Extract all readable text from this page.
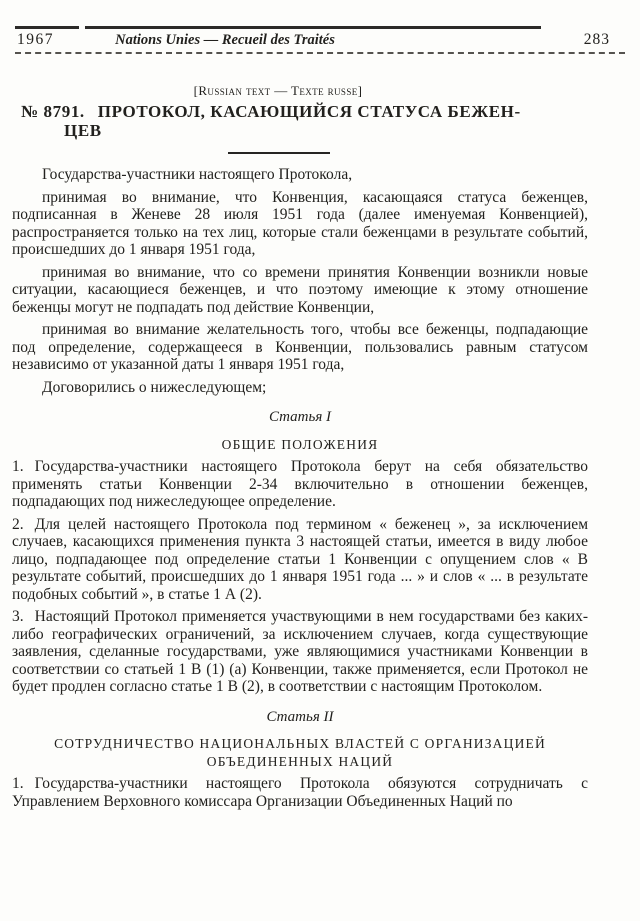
1967	Nations Unies — Recueil des Traités	283
[Russian text — Texte russe]
№ 8791. ПРОТОКОЛ, КАСАЮЩИЙСЯ СТАТУСА БЕЖЕН-
ЦЕВ

Государства-участники настоящего Протокола,

принимая во внимание, что Конвенция, касающаяся статуса беженцев, подписанная в Женеве 28 июля 1951 года (далее именуемая Конвенцией), распространяется только на тех лиц, которые стали беженцами в результате событий, происшедших до 1 января 1951 года,

принимая во внимание, что со времени принятия Конвенции возникли новые ситуации, касающиеся беженцев, и что поэтому имеющие к этому отношение беженцы могут не подпадать под действие Конвенции,

принимая во внимание желательность того, чтобы все беженцы, подпадающие под определение, содержащееся в Конвенции, пользовались равным статусом независимо от указанной даты 1 января 1951 года,

Договорились о нижеследующем;

Статья I
ОБЩИЕ ПОЛОЖЕНИЯ

1. Государства-участники настоящего Протокола берут на себя обязательство применять статьи Конвенции 2-34 включительно в отношении беженцев, подпадающих под нижеследующее определение.

2. Для целей настоящего Протокола под термином « беженец », за исключением случаев, касающихся применения пункта 3 настоящей статьи, имеется в виду любое лицо, подпадающее под определение статьи 1 Конвенции с опущением слов « В результате событий, происшедших до 1 января 1951 года ... » и слов « ... в результате подобных событий », в статье 1 А (2).

3. Настоящий Протокол применяется участвующими в нем государствами без каких-либо географических ограничений, за исключением случаев, когда существующие заявления, сделанные государствами, уже являющимися участниками Конвенции в соответствии со статьей 1 В (1) (а) Конвенции, также применяется, если Протокол не будет продлен согласно статье 1 В (2), в соответствии с настоящим Протоколом.

Статья II
СОТРУДНИЧЕСТВО НАЦИОНАЛЬНЫХ ВЛАСТЕЙ С ОРГАНИЗАЦИЕЙ
ОБЪЕДИНЕННЫХ НАЦИЙ

1. Государства-участники настоящего Протокола обязуются сотрудничать с Управлением Верховного комиссара Организации Объединенных Наций по
